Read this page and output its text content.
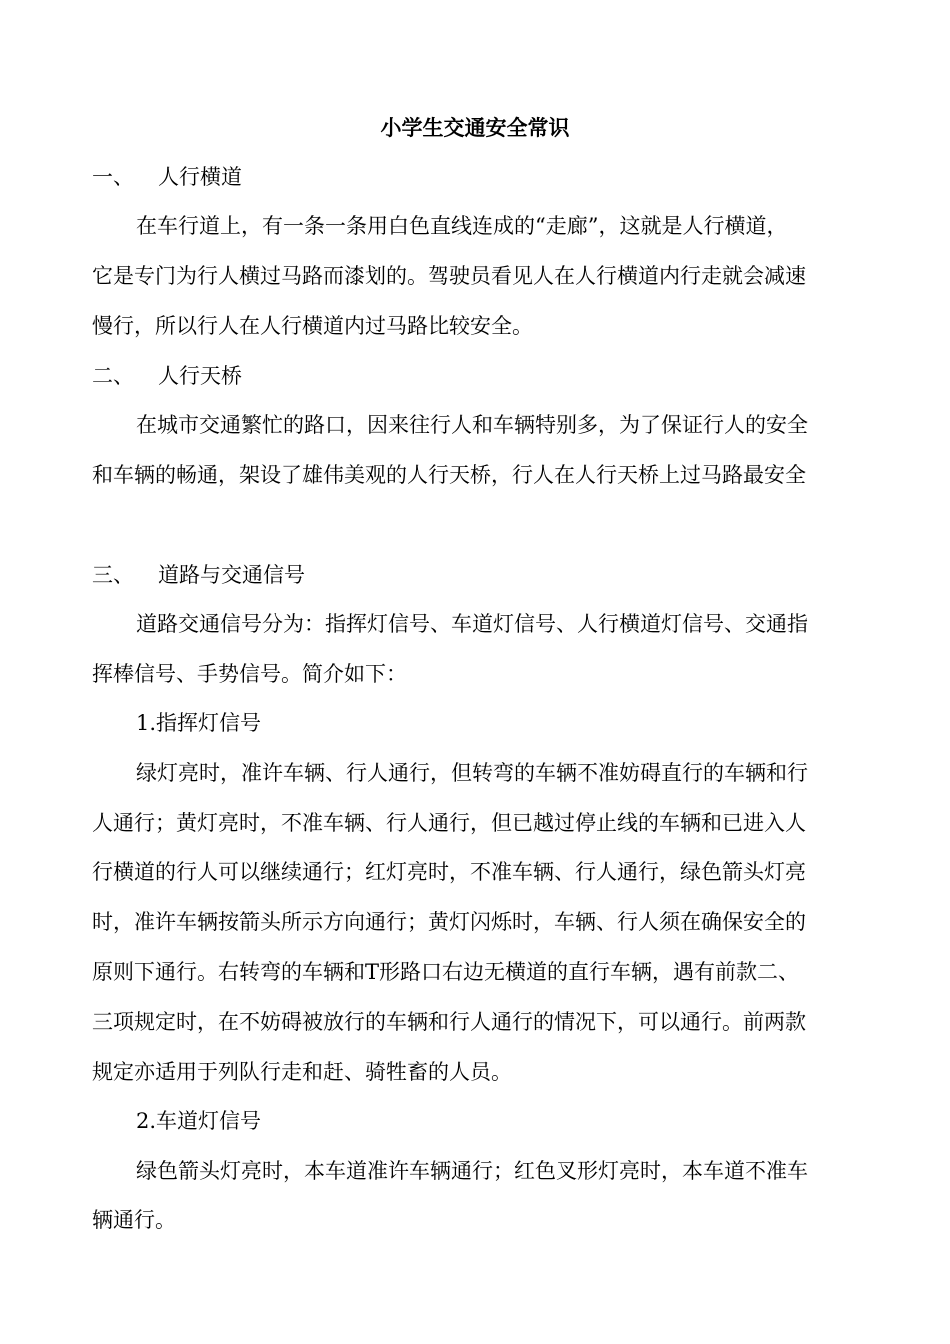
小学生交通安全常识
一、 人行横道

在车行道上，有一条一条用白色直线连成的“走廊”，这就是人行横道，

它是专门为行人横过马路而漆划的。驾驶员看见人在人行横道内行走就会减速

慢行，所以行人在人行横道内过马路比较安全。

二、 人行天桥

在城市交通繁忙的路口，因来往行人和车辆特别多，为了保证行人的安全

和车辆的畅通，架设了雄伟美观的人行天桥，行人在人行天桥上过马路最安全

三、 道路与交通信号

道路交通信号分为：指挥灯信号、车道灯信号、人行横道灯信号、交通指

挥棒信号、手势信号。简介如下：

1.指挥灯信号

绿灯亮时，准许车辆、行人通行，但转弯的车辆不准妨碍直行的车辆和行

人通行；黄灯亮时，不准车辆、行人通行，但已越过停止线的车辆和已进入人

行横道的行人可以继续通行；红灯亮时，不准车辆、行人通行，绿色箭头灯亮

时，准许车辆按箭头所示方向通行；黄灯闪烁时，车辆、行人须在确保安全的

原则下通行。右转弯的车辆和T形路口右边无横道的直行车辆，遇有前款二、

三项规定时，在不妨碍被放行的车辆和行人通行的情况下，可以通行。前两款

规定亦适用于列队行走和赶、骑牲畜的人员。

2.车道灯信号

绿色箭头灯亮时，本车道准许车辆通行；红色叉形灯亮时，本车道不准车

辆通行。
